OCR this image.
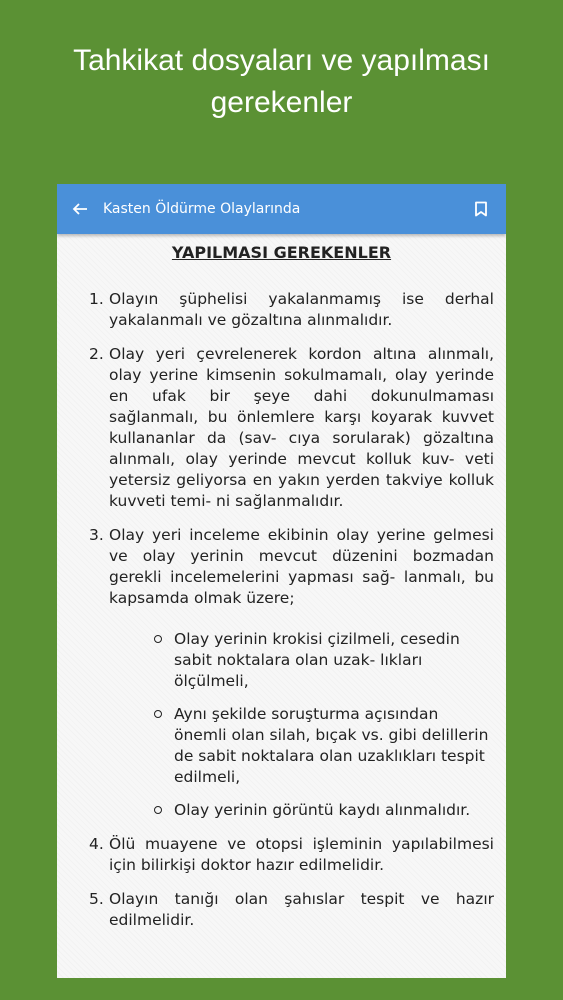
Tahkikat dosyaları ve yapılması
gerekenler
Kasten Öldürme Olaylarında
YAPILMASI GEREKENLER
1. Olayın şüphelisi yakalanmamış ise derhal yakalanmalı ve gözaltına alınmalıdır.
2. Olay yeri çevrelenerek kordon altına alınmalı, olay yerine kimsenin sokulmamalı, olay yerinde en ufak bir şeye dahi dokunulmaması sağlanmalı, bu önlemlere karşı koyarak kuvvet kullananlar da (sav- cıya sorularak) gözaltına alınmalı, olay yerinde mevcut kolluk kuv- veti yetersiz geliyorsa en yakın yerden takviye kolluk kuvveti temi- ni sağlanmalıdır.
3. Olay yeri inceleme ekibinin olay yerine gelmesi ve olay yerinin mevcut düzenini bozmadan gerekli incelemelerini yapması sağ- lanmalı, bu kapsamda olmak üzere;
Olay yerinin krokisi çizilmeli, cesedin sabit noktalara olan uzak- lıkları ölçülmeli,
Aynı şekilde soruşturma açısından önemli olan silah, bıçak vs. gibi delillerin de sabit noktalara olan uzaklıkları tespit edilmeli,
Olay yerinin görüntü kaydı alınmalıdır.
4. Ölü muayene ve otopsi işleminin yapılabilmesi için bilirkişi doktor hazır edilmelidir.
5. Olayın tanığı olan şahıslar tespit ve hazır edilmelidir.
